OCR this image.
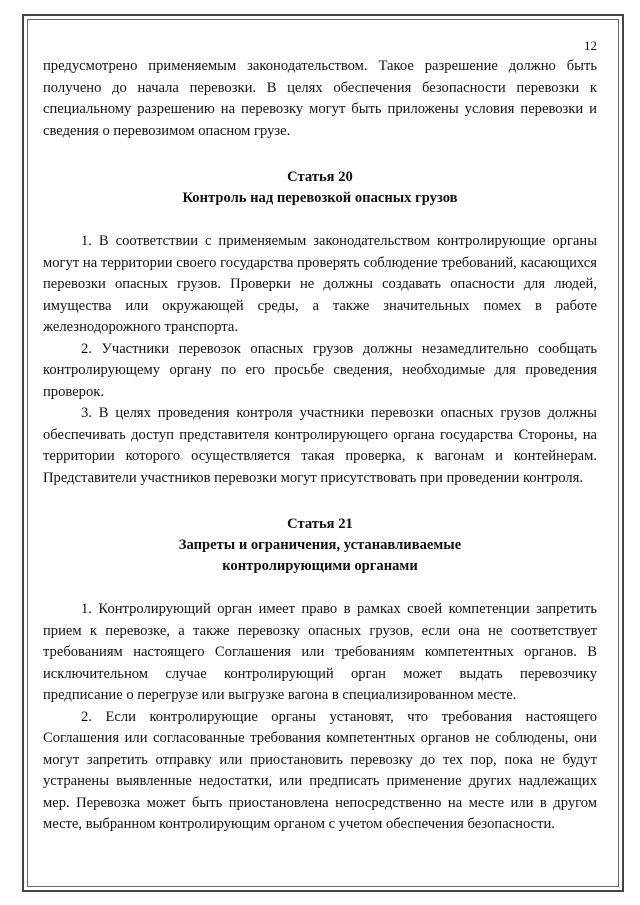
12

предусмотрено применяемым законодательством. Такое разрешение должно быть получено до начала перевозки. В целях обеспечения безопасности перевозки к специальному разрешению на перевозку могут быть приложены условия перевозки и сведения о перевозимом опасном грузе.

Статья 20

Контроль над перевозкой опасных грузов

1. В соответствии с применяемым законодательством контролирующие органы могут на территории своего государства проверять соблюдение требований, касающихся перевозки опасных грузов. Проверки не должны создавать опасности для людей, имущества или окружающей среды, а также значительных помех в работе железнодорожного транспорта.

2. Участники перевозок опасных грузов должны незамедлительно сообщать контролирующему органу по его просьбе сведения, необходимые для проведения проверок.

3. В целях проведения контроля участники перевозки опасных грузов должны обеспечивать доступ представителя контролирующего органа государства Стороны, на территории которого осуществляется такая проверка, к вагонам и контейнерам. Представители участников перевозки могут присутствовать при проведении контроля.

Статья 21

Запреты и ограничения, устанавливаемые

контролирующими органами

1. Контролирующий орган имеет право в рамках своей компетенции запретить прием к перевозке, а также перевозку опасных грузов, если она не соответствует требованиям настоящего Соглашения или требованиям компетентных органов. В исключительном случае контролирующий орган может выдать перевозчику предписание о перегрузе или выгрузке вагона в специализированном месте.

2. Если контролирующие органы установят, что требования настоящего Соглашения или согласованные требования компетентных органов не соблюдены, они могут запретить отправку или приостановить перевозку до тех пор, пока не будут устранены выявленные недостатки, или предписать применение других надлежащих мер. Перевозка может быть приостановлена непосредственно на месте или в другом месте, выбранном контролирующим органом с учетом обеспечения безопасности.
